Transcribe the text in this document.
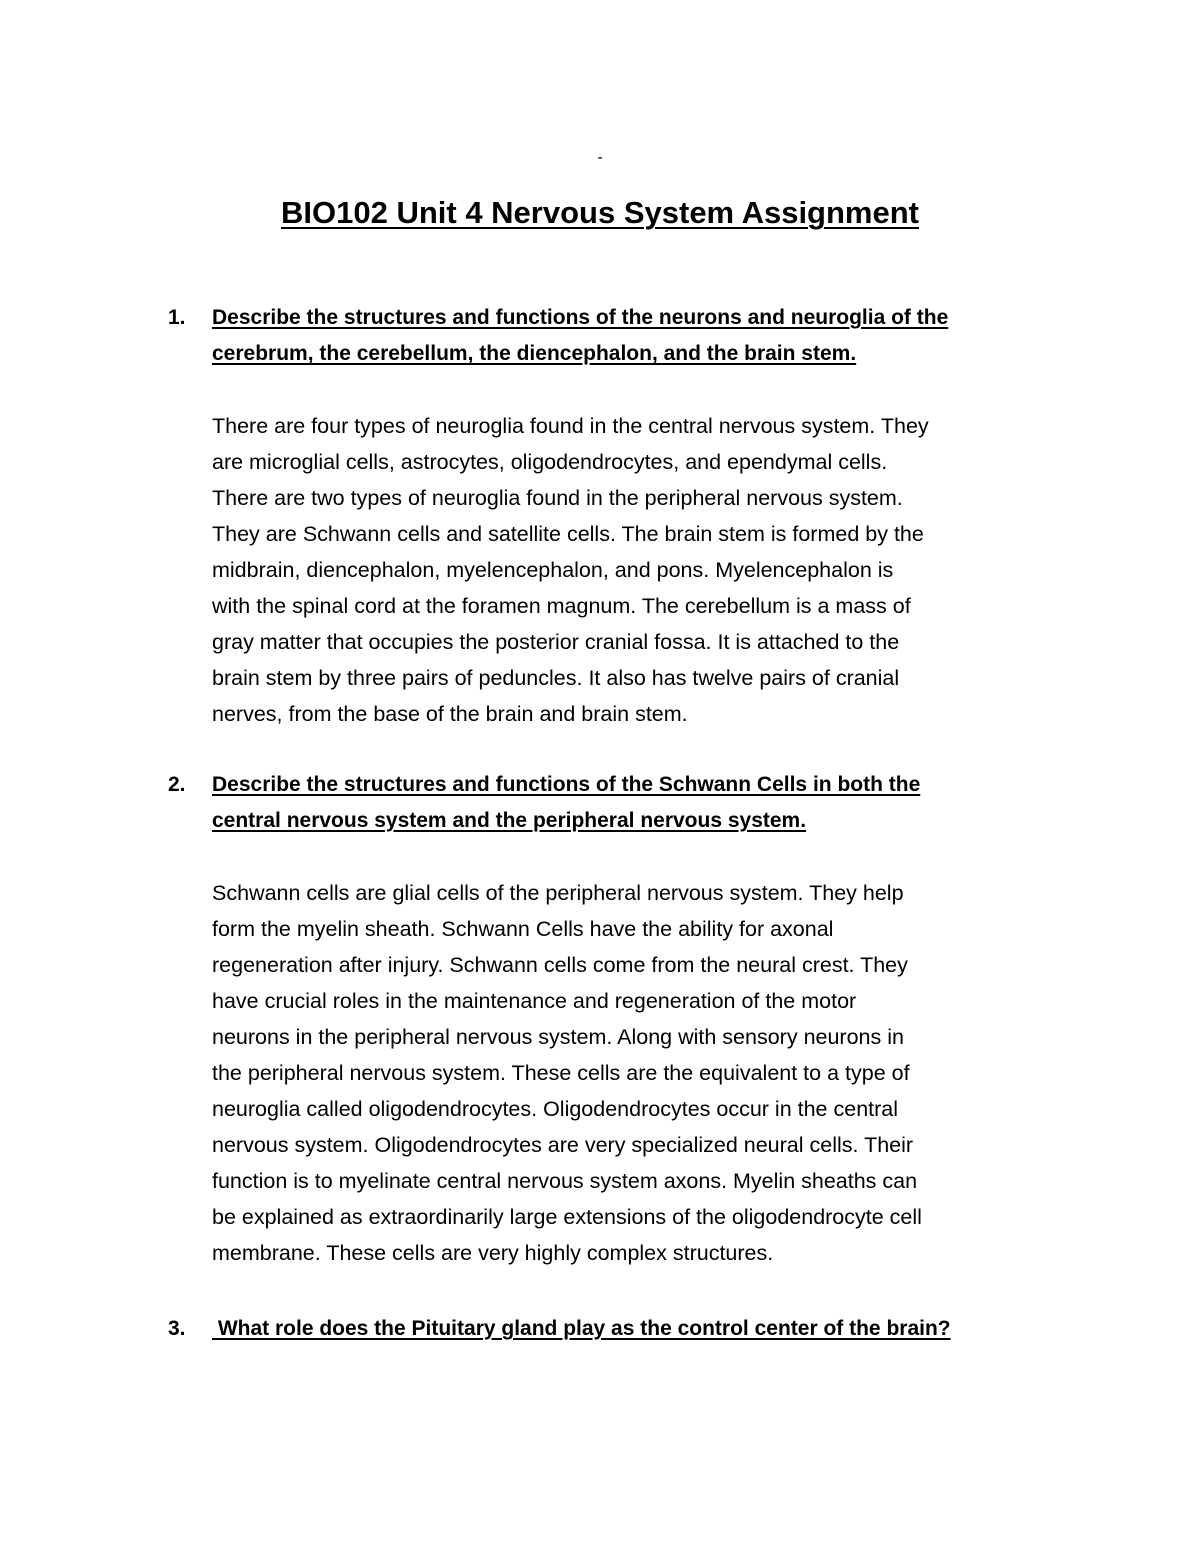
-
BIO102 Unit 4 Nervous System Assignment
1.	Describe the structures and functions of the neurons and neuroglia of the
cerebrum, the cerebellum, the diencephalon, and the brain stem.
There are four types of neuroglia found in the central nervous system. They
are microglial cells, astrocytes, oligodendrocytes, and ependymal cells.
There are two types of neuroglia found in the peripheral nervous system.
They are Schwann cells and satellite cells. The brain stem is formed by the
midbrain, diencephalon, myelencephalon, and pons. Myelencephalon is
with the spinal cord at the foramen magnum. The cerebellum is a mass of
gray matter that occupies the posterior cranial fossa. It is attached to the
brain stem by three pairs of peduncles. It also has twelve pairs of cranial
nerves, from the base of the brain and brain stem.
2.	Describe the structures and functions of the Schwann Cells in both the
central nervous system and the peripheral nervous system.
Schwann cells are glial cells of the peripheral nervous system. They help
form the myelin sheath. Schwann Cells have the ability for axonal
regeneration after injury. Schwann cells come from the neural crest. They
have crucial roles in the maintenance and regeneration of the motor
neurons in the peripheral nervous system. Along with sensory neurons in
the peripheral nervous system. These cells are the equivalent to a type of
neuroglia called oligodendrocytes. Oligodendrocytes occur in the central
nervous system. Oligodendrocytes are very specialized neural cells. Their
function is to myelinate central nervous system axons. Myelin sheaths can
be explained as extraordinarily large extensions of the oligodendrocyte cell
membrane. These cells are very highly complex structures.
3.	What role does the Pituitary gland play as the control center of the brain?
